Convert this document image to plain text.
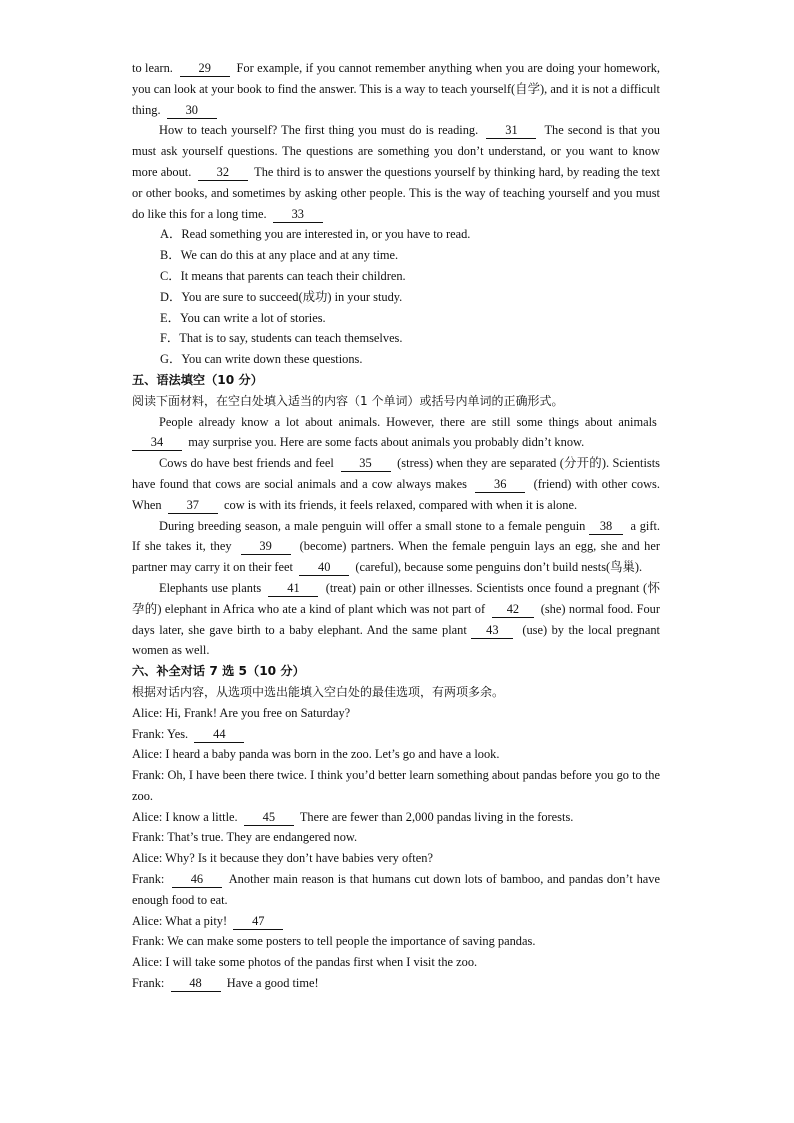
to learn. 29 For example, if you cannot remember anything when you are doing your homework, you can look at your book to find the answer. This is a way to teach yourself(自学), and it is not a difficult thing. 30

How to teach yourself? The first thing you must do is reading. 31 The second is that you must ask yourself questions. The questions are something you don’t understand, or you want to know more about. 32 The third is to answer the questions yourself by thinking hard, by reading the text or other books, and sometimes by asking other people. This is the way of teaching yourself and you must do like this for a long time. 33

A．Read something you are interested in, or you have to read.

B．We can do this at any place and at any time.

C．It means that parents can teach their children.

D．You are sure to succeed(成功) in your study.

E．You can write a lot of stories.

F．That is to say, students can teach themselves.

G．You can write down these questions.

五、语法填空（10 分）

阅读下面材料，在空白处填入适当的内容（1 个单词）或括号内单词的正确形式。

People already know a lot about animals. However, there are still some things about animals  34 may surprise you. Here are some facts about animals you probably didn’t know.

Cows do have best friends and feel 35 (stress) when they are separated (分开的). Scientists have found that cows are social animals and a cow always makes 36 (friend) with other cows. When 37 cow is with its friends, it feels relaxed, compared with when it is alone.

During breeding season, a male penguin will offer a small stone to a female penguin 38 a gift. If she takes it, they 39 (become) partners. When the female penguin lays an egg, she and her partner may carry it on their feet 40 (careful), because some penguins don’t build nests(鸟巢).

Elephants use plants 41 (treat) pain or other illnesses. Scientists once found a pregnant (怀孕的) elephant in Africa who ate a kind of plant which was not part of 42 (she) normal food. Four days later, she gave birth to a baby elephant. And the same plant 43 (use) by the local pregnant women as well.

六、补全对话 7 选 5（10 分）

根据对话内容，从选项中选出能填入空白处的最佳选项，有两项多余。

Alice: Hi, Frank! Are you free on Saturday?

Frank: Yes. 44

Alice: I heard a baby panda was born in the zoo. Let’s go and have a look.

Frank: Oh, I have been there twice. I think you’d better learn something about pandas before you go to the zoo.

Alice: I know a little. 45 There are fewer than 2,000 pandas living in the forests.

Frank: That’s true. They are endangered now.

Alice: Why? Is it because they don’t have babies very often?

Frank: 46 Another main reason is that humans cut down lots of bamboo, and pandas don’t have enough food to eat.

Alice: What a pity! 47

Frank: We can make some posters to tell people the importance of saving pandas.

Alice: I will take some photos of the pandas first when I visit the zoo.

Frank: 48 Have a good time!
